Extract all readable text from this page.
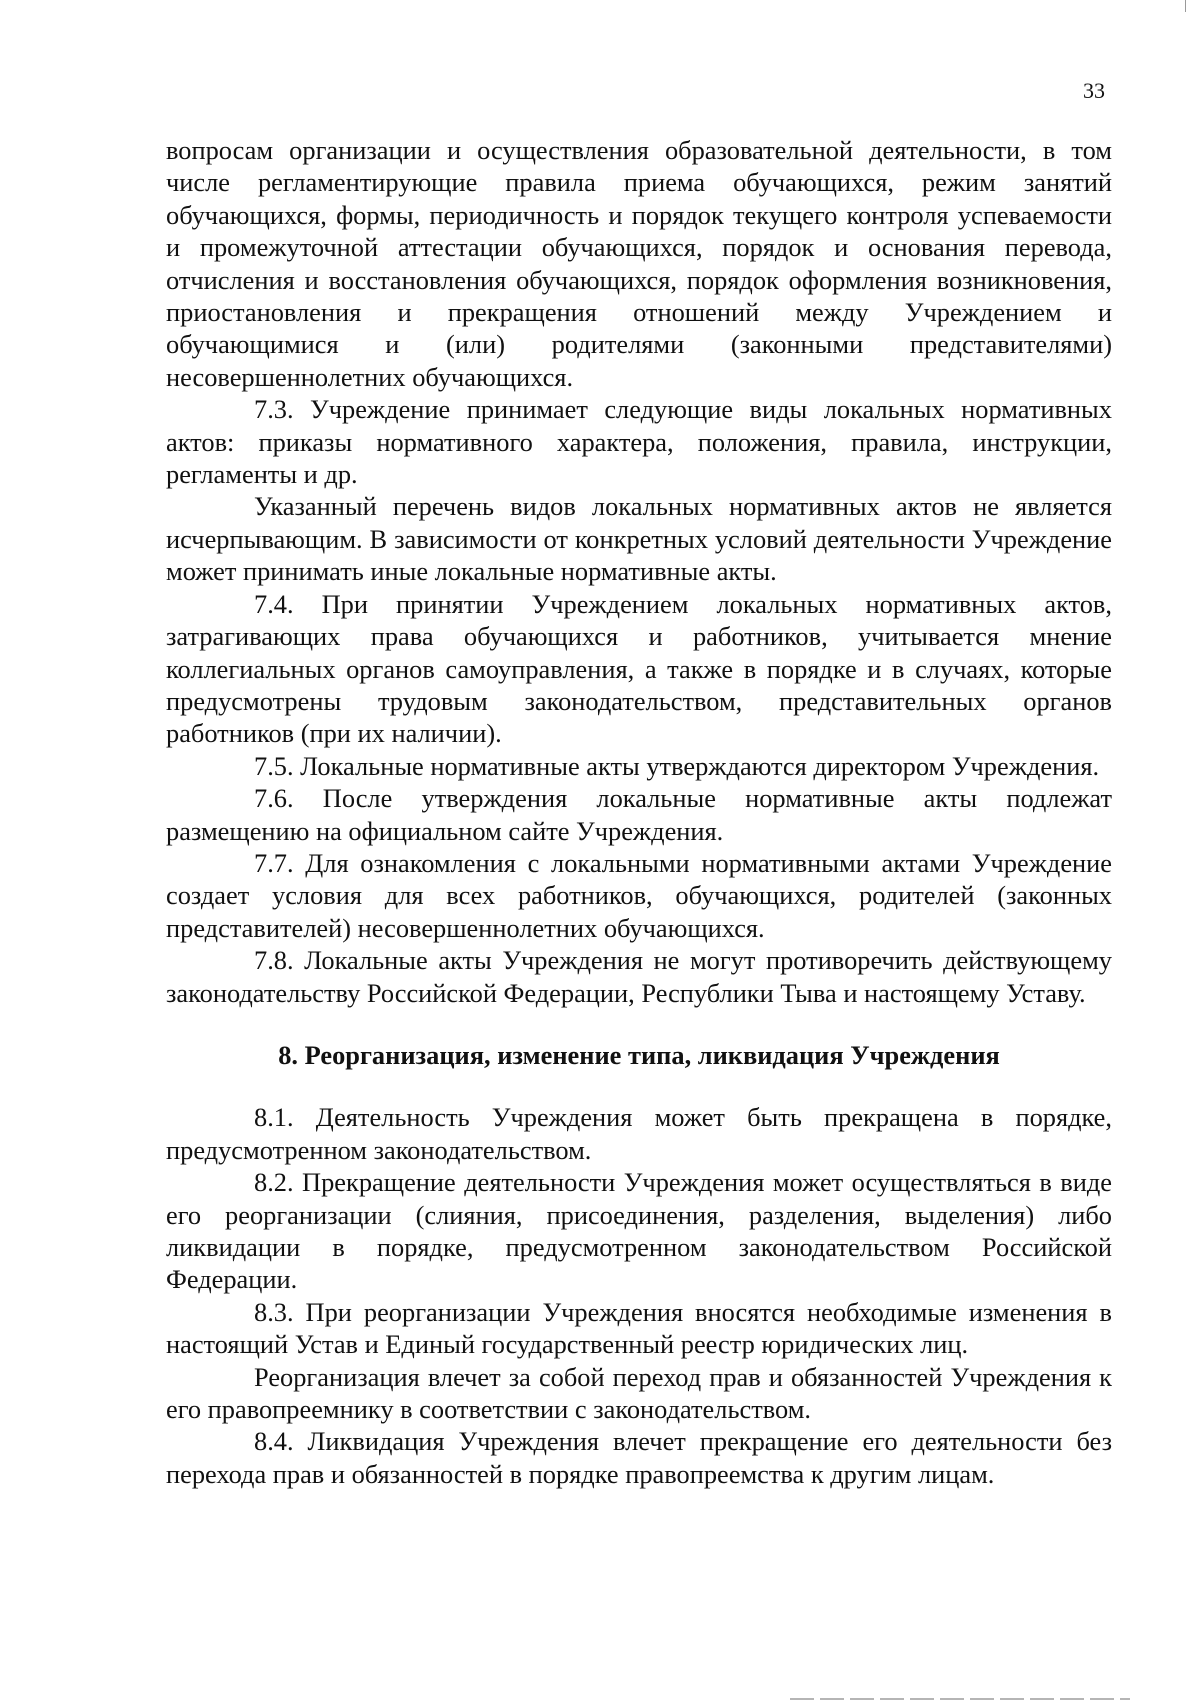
33

вопросам организации и осуществления образовательной деятельности, в том числе регламентирующие правила приема обучающихся, режим занятий обучающихся, формы, периодичность и порядок текущего контроля успеваемости и промежуточной аттестации обучающихся, порядок и основания перевода, отчисления и восстановления обучающихся, порядок оформления возникновения, приостановления и прекращения отношений между Учреждением и обучающимися и (или) родителями (законными представителями) несовершеннолетних обучающихся.

7.3. Учреждение принимает следующие виды локальных нормативных актов: приказы нормативного характера, положения, правила, инструкции, регламенты и др.

Указанный перечень видов локальных нормативных актов не является исчерпывающим. В зависимости от конкретных условий деятельности Учреждение может принимать иные локальные нормативные акты.

7.4. При принятии Учреждением локальных нормативных актов, затрагивающих права обучающихся и работников, учитывается мнение коллегиальных органов самоуправления, а также в порядке и в случаях, которые предусмотрены трудовым законодательством, представительных органов работников (при их наличии).

7.5. Локальные нормативные акты утверждаются директором Учреждения.

7.6. После утверждения локальные нормативные акты подлежат размещению на официальном сайте Учреждения.

7.7. Для ознакомления с локальными нормативными актами Учреждение создает условия для всех работников, обучающихся, родителей (законных представителей) несовершеннолетних обучающихся.

7.8. Локальные акты Учреждения не могут противоречить действующему законодательству Российской Федерации, Республики Тыва и настоящему Уставу.

8. Реорганизация, изменение типа, ликвидация Учреждения

8.1. Деятельность Учреждения может быть прекращена в порядке, предусмотренном законодательством.

8.2. Прекращение деятельности Учреждения может осуществляться в виде его реорганизации (слияния, присоединения, разделения, выделения) либо ликвидации в порядке, предусмотренном законодательством Российской Федерации.

8.3. При реорганизации Учреждения вносятся необходимые изменения в настоящий Устав и Единый государственный реестр юридических лиц.

Реорганизация влечет за собой переход прав и обязанностей Учреждения к его правопреемнику в соответствии с законодательством.

8.4. Ликвидация Учреждения влечет прекращение его деятельности без перехода прав и обязанностей в порядке правопреемства к другим лицам.
